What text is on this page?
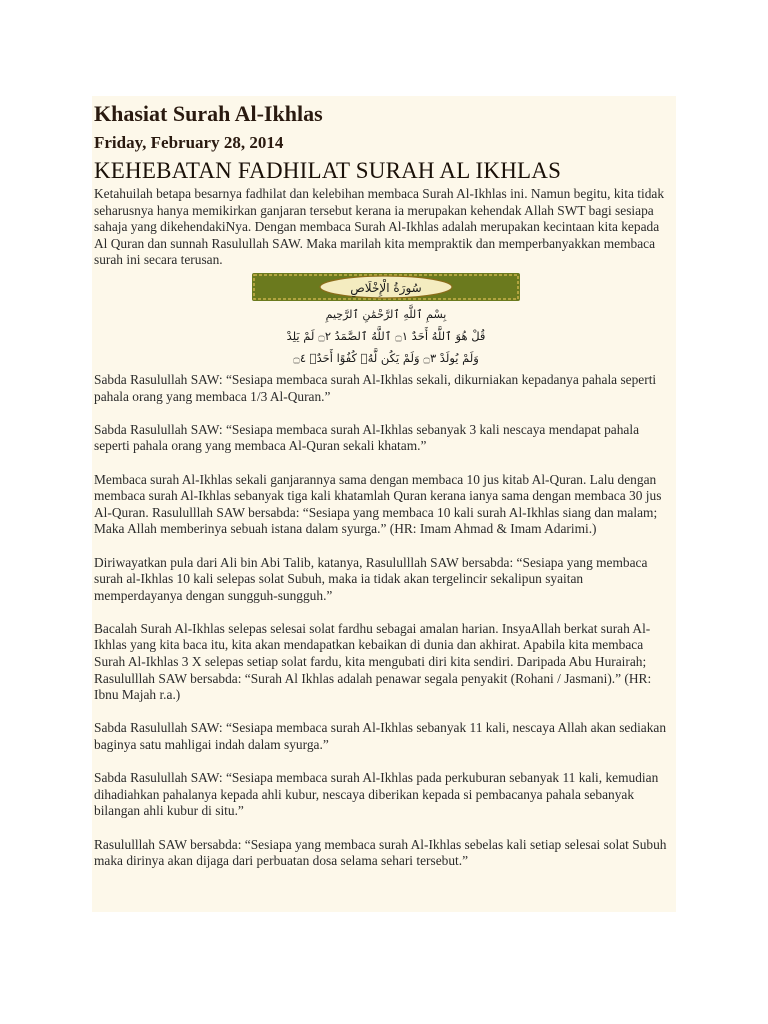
Khasiat Surah Al-Ikhlas
Friday, February 28, 2014
KEHEBATAN FADHILAT SURAH AL IKHLAS

Ketahuilah betapa besarnya fadhilat dan kelebihan membaca Surah Al-Ikhlas ini. Namun begitu, kita tidak seharusnya hanya memikirkan ganjaran tersebut kerana ia merupakan kehendak Allah SWT bagi sesiapa sahaja yang dikehendakiNya. Dengan membaca Surah Al-Ikhlas adalah merupakan kecintaan kita kepada Al Quran dan sunnah Rasulullah SAW. Maka marilah kita mempraktik dan memperbanyakkan membaca surah ini secara terusan.

سُورَةُ الْإِخْلَاصِ
بِسْمِ ٱللَّهِ ٱلرَّحْمَٰنِ ٱلرَّحِيمِ
قُلْ هُوَ ٱللَّهُ أَحَدٌ ۝١ ٱللَّهُ ٱلصَّمَدُ ۝٢ لَمْ يَلِدْ
وَلَمْ يُولَدْ ۝٣ وَلَمْ يَكُن لَّهُۥ كُفُوًا أَحَدٌۢ ۝٤

Sabda Rasulullah SAW: “Sesiapa membaca surah Al-Ikhlas sekali, dikurniakan kepadanya pahala seperti pahala orang yang membaca 1/3 Al-Quran.”

Sabda Rasulullah SAW: “Sesiapa membaca surah Al-Ikhlas sebanyak 3 kali nescaya mendapat pahala seperti pahala orang yang membaca Al-Quran sekali khatam.”

Membaca surah Al-Ikhlas sekali ganjarannya sama dengan membaca 10 jus kitab Al-Quran. Lalu dengan membaca surah Al-Ikhlas sebanyak tiga kali khatamlah Quran kerana ianya sama dengan membaca 30 jus Al-Quran. Rasululllah SAW bersabda: “Sesiapa yang membaca 10 kali surah Al-Ikhlas siang dan malam; Maka Allah memberinya sebuah istana dalam syurga.” (HR: Imam Ahmad & Imam Adarimi.)

Diriwayatkan pula dari Ali bin Abi Talib, katanya, Rasululllah SAW bersabda: “Sesiapa yang membaca surah al-Ikhlas 10 kali selepas solat Subuh, maka ia tidak akan tergelincir sekalipun syaitan memperdayanya dengan sungguh-sungguh.”

Bacalah Surah Al-Ikhlas selepas selesai solat fardhu sebagai amalan harian. InsyaAllah berkat surah Al-Ikhlas yang kita baca itu, kita akan mendapatkan kebaikan di dunia dan akhirat. Apabila kita membaca Surah Al-Ikhlas 3 X selepas setiap solat fardu, kita mengubati diri kita sendiri. Daripada Abu Hurairah; Rasululllah SAW bersabda: “Surah Al Ikhlas adalah penawar segala penyakit (Rohani / Jasmani).” (HR: Ibnu Majah r.a.)

Sabda Rasulullah SAW: “Sesiapa membaca surah Al-Ikhlas sebanyak 11 kali, nescaya Allah akan sediakan baginya satu mahligai indah dalam syurga.”

Sabda Rasulullah SAW: “Sesiapa membaca surah Al-Ikhlas pada perkuburan sebanyak 11 kali, kemudian dihadiahkan pahalanya kepada ahli kubur, nescaya diberikan kepada si pembacanya pahala sebanyak bilangan ahli kubur di situ.”

Rasululllah SAW bersabda: “Sesiapa yang membaca surah Al-Ikhlas sebelas kali setiap selesai solat Subuh maka dirinya akan dijaga dari perbuatan dosa selama sehari tersebut.”
